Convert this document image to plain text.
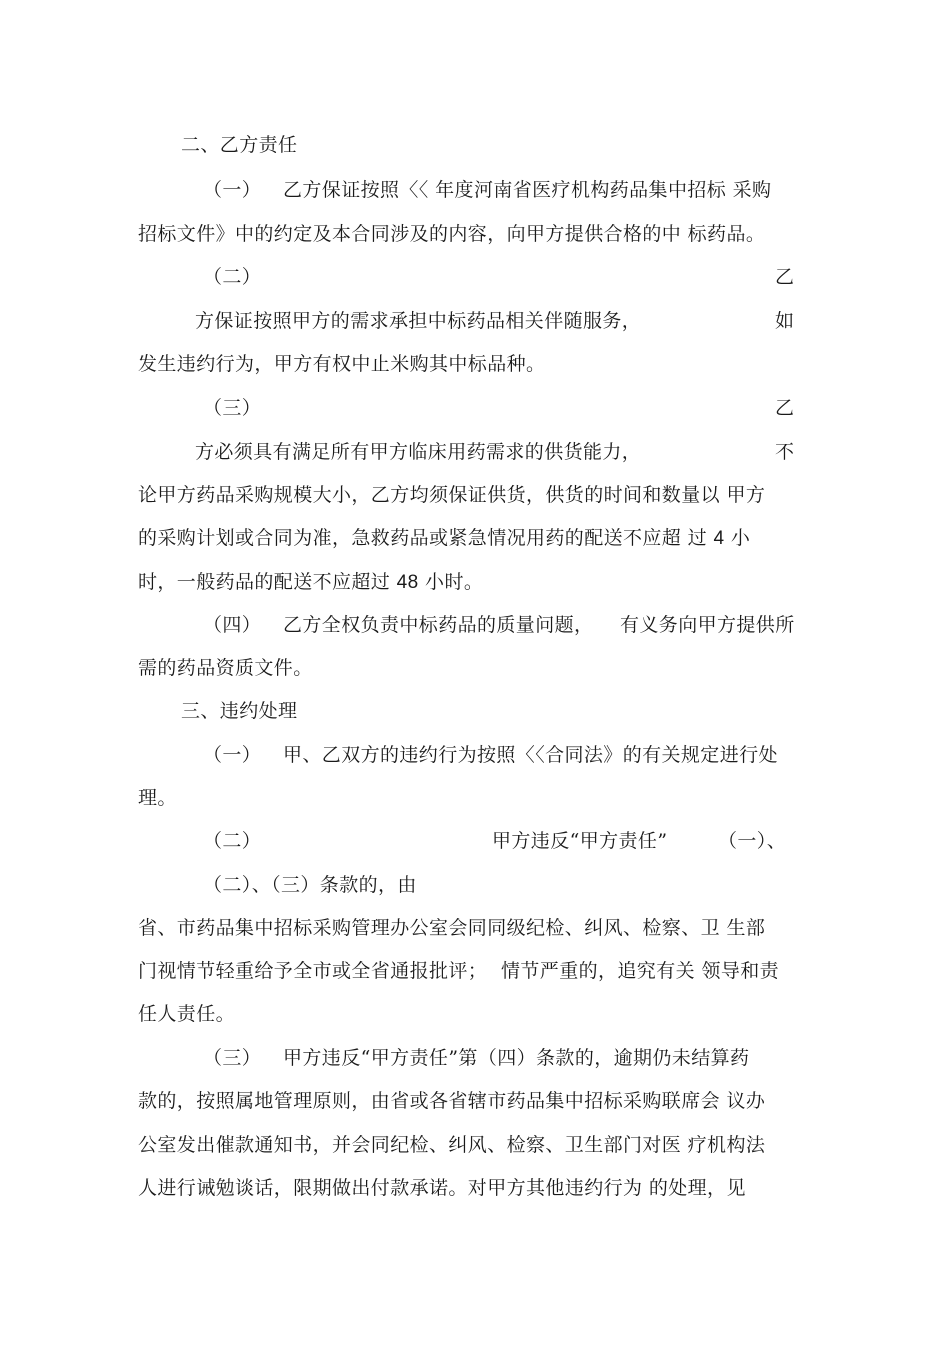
二、乙方责任
（一） 乙方保证按照〈〈 年度河南省医疗机构药品集中招标 采购
招标文件》中的约定及本合同涉及的内容，向甲方提供合格的中 标药品。
（二）	乙
方保证按照甲方的需求承担中标药品相关伴随服务，	如
发生违约行为，甲方有权中止米购其中标品种。
（三）	乙
方必须具有满足所有甲方临床用药需求的供货能力，	不
论甲方药品采购规模大小，乙方均须保证供货，供货的时间和数量以 甲方
的采购计划或合同为准，急救药品或紧急情况用药的配送不应超 过 4 小
时，一般药品的配送不应超过 48 小时。
（四） 乙方全权负责中标药品的质量问题， 有义务向甲方提供所
需的药品资质文件。
三、违约处理
（一） 甲、乙双方的违约行为按照〈〈合同法》的有关规定进行处
理。
（二）	甲方违反“甲方责任”	（一）、
（二）、（三）条款的，由
省、市药品集中招标采购管理办公室会同同级纪检、纠风、检察、卫 生部
门视情节轻重给予全市或全省通报批评； 情节严重的，追究有关 领导和责
任人责任。
（三） 甲方违反“甲方责任”第（四）条款的，逾期仍未结算药
款的，按照属地管理原则，由省或各省辖市药品集中招标采购联席会 议办
公室发出催款通知书，并会同纪检、纠风、检察、卫生部门对医 疗机构法
人进行诫勉谈话，限期做出付款承诺。对甲方其他违约行为 的处理，见
